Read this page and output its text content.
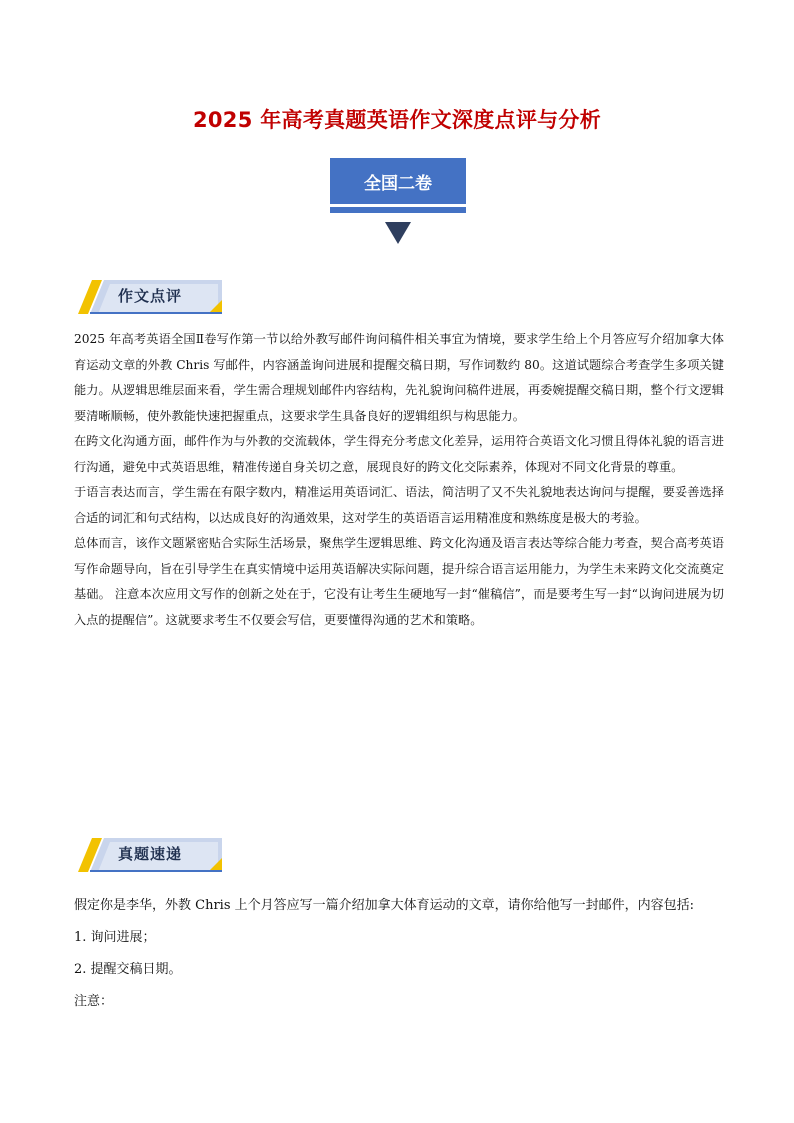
2025 年高考真题英语作文深度点评与分析
全国二卷
作文点评

2025 年高考英语全国Ⅱ卷写作第一节以给外教写邮件询问稿件相关事宜为情境，要求学生给上个月答应写介绍加拿大体育运动文章的外教 Chris 写邮件，内容涵盖询问进展和提醒交稿日期，写作词数约 80。这道试题综合考查学生多项关键能力。从逻辑思维层面来看，学生需合理规划邮件内容结构，先礼貌询问稿件进展，再委婉提醒交稿日期，整个行文逻辑要清晰顺畅，使外教能快速把握重点，这要求学生具备良好的逻辑组织与构思能力。

在跨文化沟通方面，邮件作为与外教的交流载体，学生得充分考虑文化差异，运用符合英语文化习惯且得体礼貌的语言进行沟通，避免中式英语思维，精准传递自身关切之意，展现良好的跨文化交际素养，体现对不同文化背景的尊重。

于语言表达而言，学生需在有限字数内，精准运用英语词汇、语法，简洁明了又不失礼貌地表达询问与提醒，要妥善选择合适的词汇和句式结构，以达成良好的沟通效果，这对学生的英语语言运用精准度和熟练度是极大的考验。

总体而言，该作文题紧密贴合实际生活场景，聚焦学生逻辑思维、跨文化沟通及语言表达等综合能力考查，契合高考英语写作命题导向，旨在引导学生在真实情境中运用英语解决实际问题，提升综合语言运用能力，为学生未来跨文化交流奠定基础。 注意本次应用文写作的创新之处在于，它没有让考生生硬地写一封“催稿信”，而是要考生写一封“以询问进展为切入点的提醒信”。这就要求考生不仅要会写信，更要懂得沟通的艺术和策略。

真题速递

假定你是李华，外教 Chris 上个月答应写一篇介绍加拿大体育运动的文章，请你给他写一封邮件，内容包括:

1. 询问进展；

2. 提醒交稿日期。

注意：
